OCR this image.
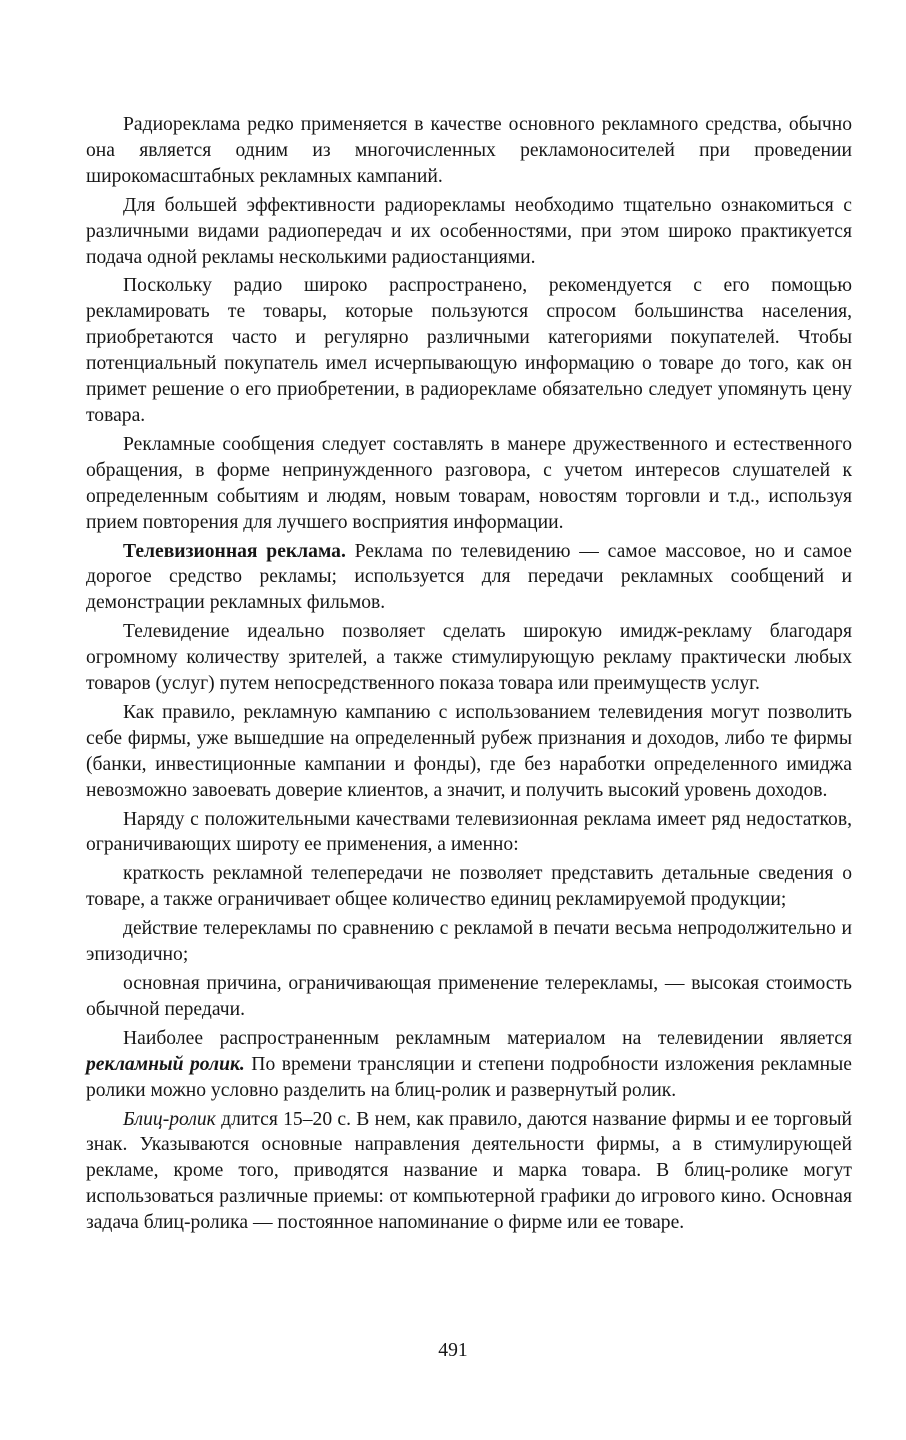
Радиореклама редко применяется в качестве основного рекламного средства, обычно она является одним из многочисленных рекламоносителей при проведении широкомасштабных рекламных кампаний.

Для большей эффективности радиорекламы необходимо тщательно ознакомиться с различными видами радиопередач и их особенностями, при этом широко практикуется подача одной рекламы несколькими радиостанциями.

Поскольку радио широко распространено, рекомендуется с его помощью рекламировать те товары, которые пользуются спросом большинства населения, приобретаются часто и регулярно различными категориями покупателей. Чтобы потенциальный покупатель имел исчерпывающую информацию о товаре до того, как он примет решение о его приобретении, в радиорекламе обязательно следует упомянуть цену товара.

Рекламные сообщения следует составлять в манере дружественного и естественного обращения, в форме непринужденного разговора, с учетом интересов слушателей к определенным событиям и людям, новым товарам, новостям торговли и т.д., используя прием повторения для лучшего восприятия информации.

Телевизионная реклама. Реклама по телевидению — самое массовое, но и самое дорогое средство рекламы; используется для передачи рекламных сообщений и демонстрации рекламных фильмов.

Телевидение идеально позволяет сделать широкую имидж-рекламу благодаря огромному количеству зрителей, а также стимулирующую рекламу практически любых товаров (услуг) путем непосредственного показа товара или преимуществ услуг.

Как правило, рекламную кампанию с использованием телевидения могут позволить себе фирмы, уже вышедшие на определенный рубеж признания и доходов, либо те фирмы (банки, инвестиционные кампании и фонды), где без наработки определенного имиджа невозможно завоевать доверие клиентов, а значит, и получить высокий уровень доходов.

Наряду с положительными качествами телевизионная реклама имеет ряд недостатков, ограничивающих широту ее применения, а именно:

краткость рекламной телепередачи не позволяет представить детальные сведения о товаре, а также ограничивает общее количество единиц рекламируемой продукции;

действие телерекламы по сравнению с рекламой в печати весьма непродолжительно и эпизодично;

основная причина, ограничивающая применение телерекламы, — высокая стоимость обычной передачи.

Наиболее распространенным рекламным материалом на телевидении является рекламный ролик. По времени трансляции и степени подробности изложения рекламные ролики можно условно разделить на блиц-ролик и развернутый ролик.

Блиц-ролик длится 15–20 с. В нем, как правило, даются название фирмы и ее торговый знак. Указываются основные направления деятельности фирмы, а в стимулирующей рекламе, кроме того, приводятся название и марка товара. В блиц-ролике могут использоваться различные приемы: от компьютерной графики до игрового кино. Основная задача блиц-ролика — постоянное напоминание о фирме или ее товаре.

491
